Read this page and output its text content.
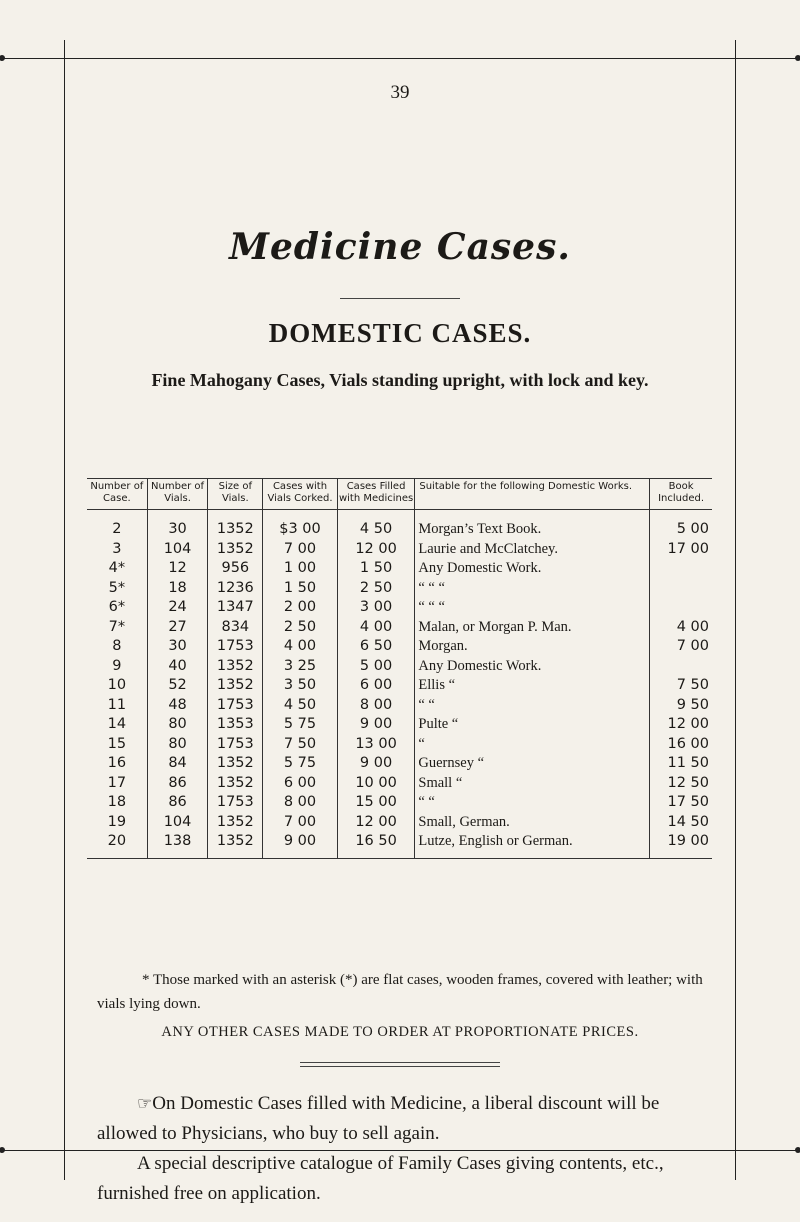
39
Medicine Cases.
DOMESTIC CASES.
Fine Mahogany Cases, Vials standing upright, with lock and key.
Number of Case.	Number of Vials.	Size of Vials.	Cases with Vials Corked.	Cases Filled with Medicines	Suitable for the following Domestic Works.	Book Included.
2	30	1352	$3 00	4 50	Morgan’s Text Book.	5 00
3	104	1352	7 00	12 00	Laurie and McClatchey.	17 00
4*	12	956	1 00	1 50	Any Domestic Work.	
5*	18	1236	1 50	2 50	“ “ “	
6*	24	1347	2 00	3 00	“ “ “	
7*	27	834	2 50	4 00	Malan, or Morgan P. Man.	4 00
8	30	1753	4 00	6 50	Morgan.	7 00
9	40	1352	3 25	5 00	Any Domestic Work.	
10	52	1352	3 50	6 00	Ellis “	7 50
11	48	1753	4 50	8 00	“ “	9 50
14	80	1353	5 75	9 00	Pulte “	12 00
15	80	1753	7 50	13 00	“	16 00
16	84	1352	5 75	9 00	Guernsey “	11 50
17	86	1352	6 00	10 00	Small “	12 50
18	86	1753	8 00	15 00	“ “	17 50
19	104	1352	7 00	12 00	Small, German.	14 50
20	138	1352	9 00	16 50	Lutze, English or German.	19 00
* Those marked with an asterisk (*) are flat cases, wooden frames, covered with leather; with vials lying down.
ANY OTHER CASES MADE TO ORDER AT PROPORTIONATE PRICES.
☞On Domestic Cases filled with Medicine, a liberal discount will be allowed to Physicians, who buy to sell again.
A special descriptive catalogue of Family Cases giving contents, etc., furnished free on application.
